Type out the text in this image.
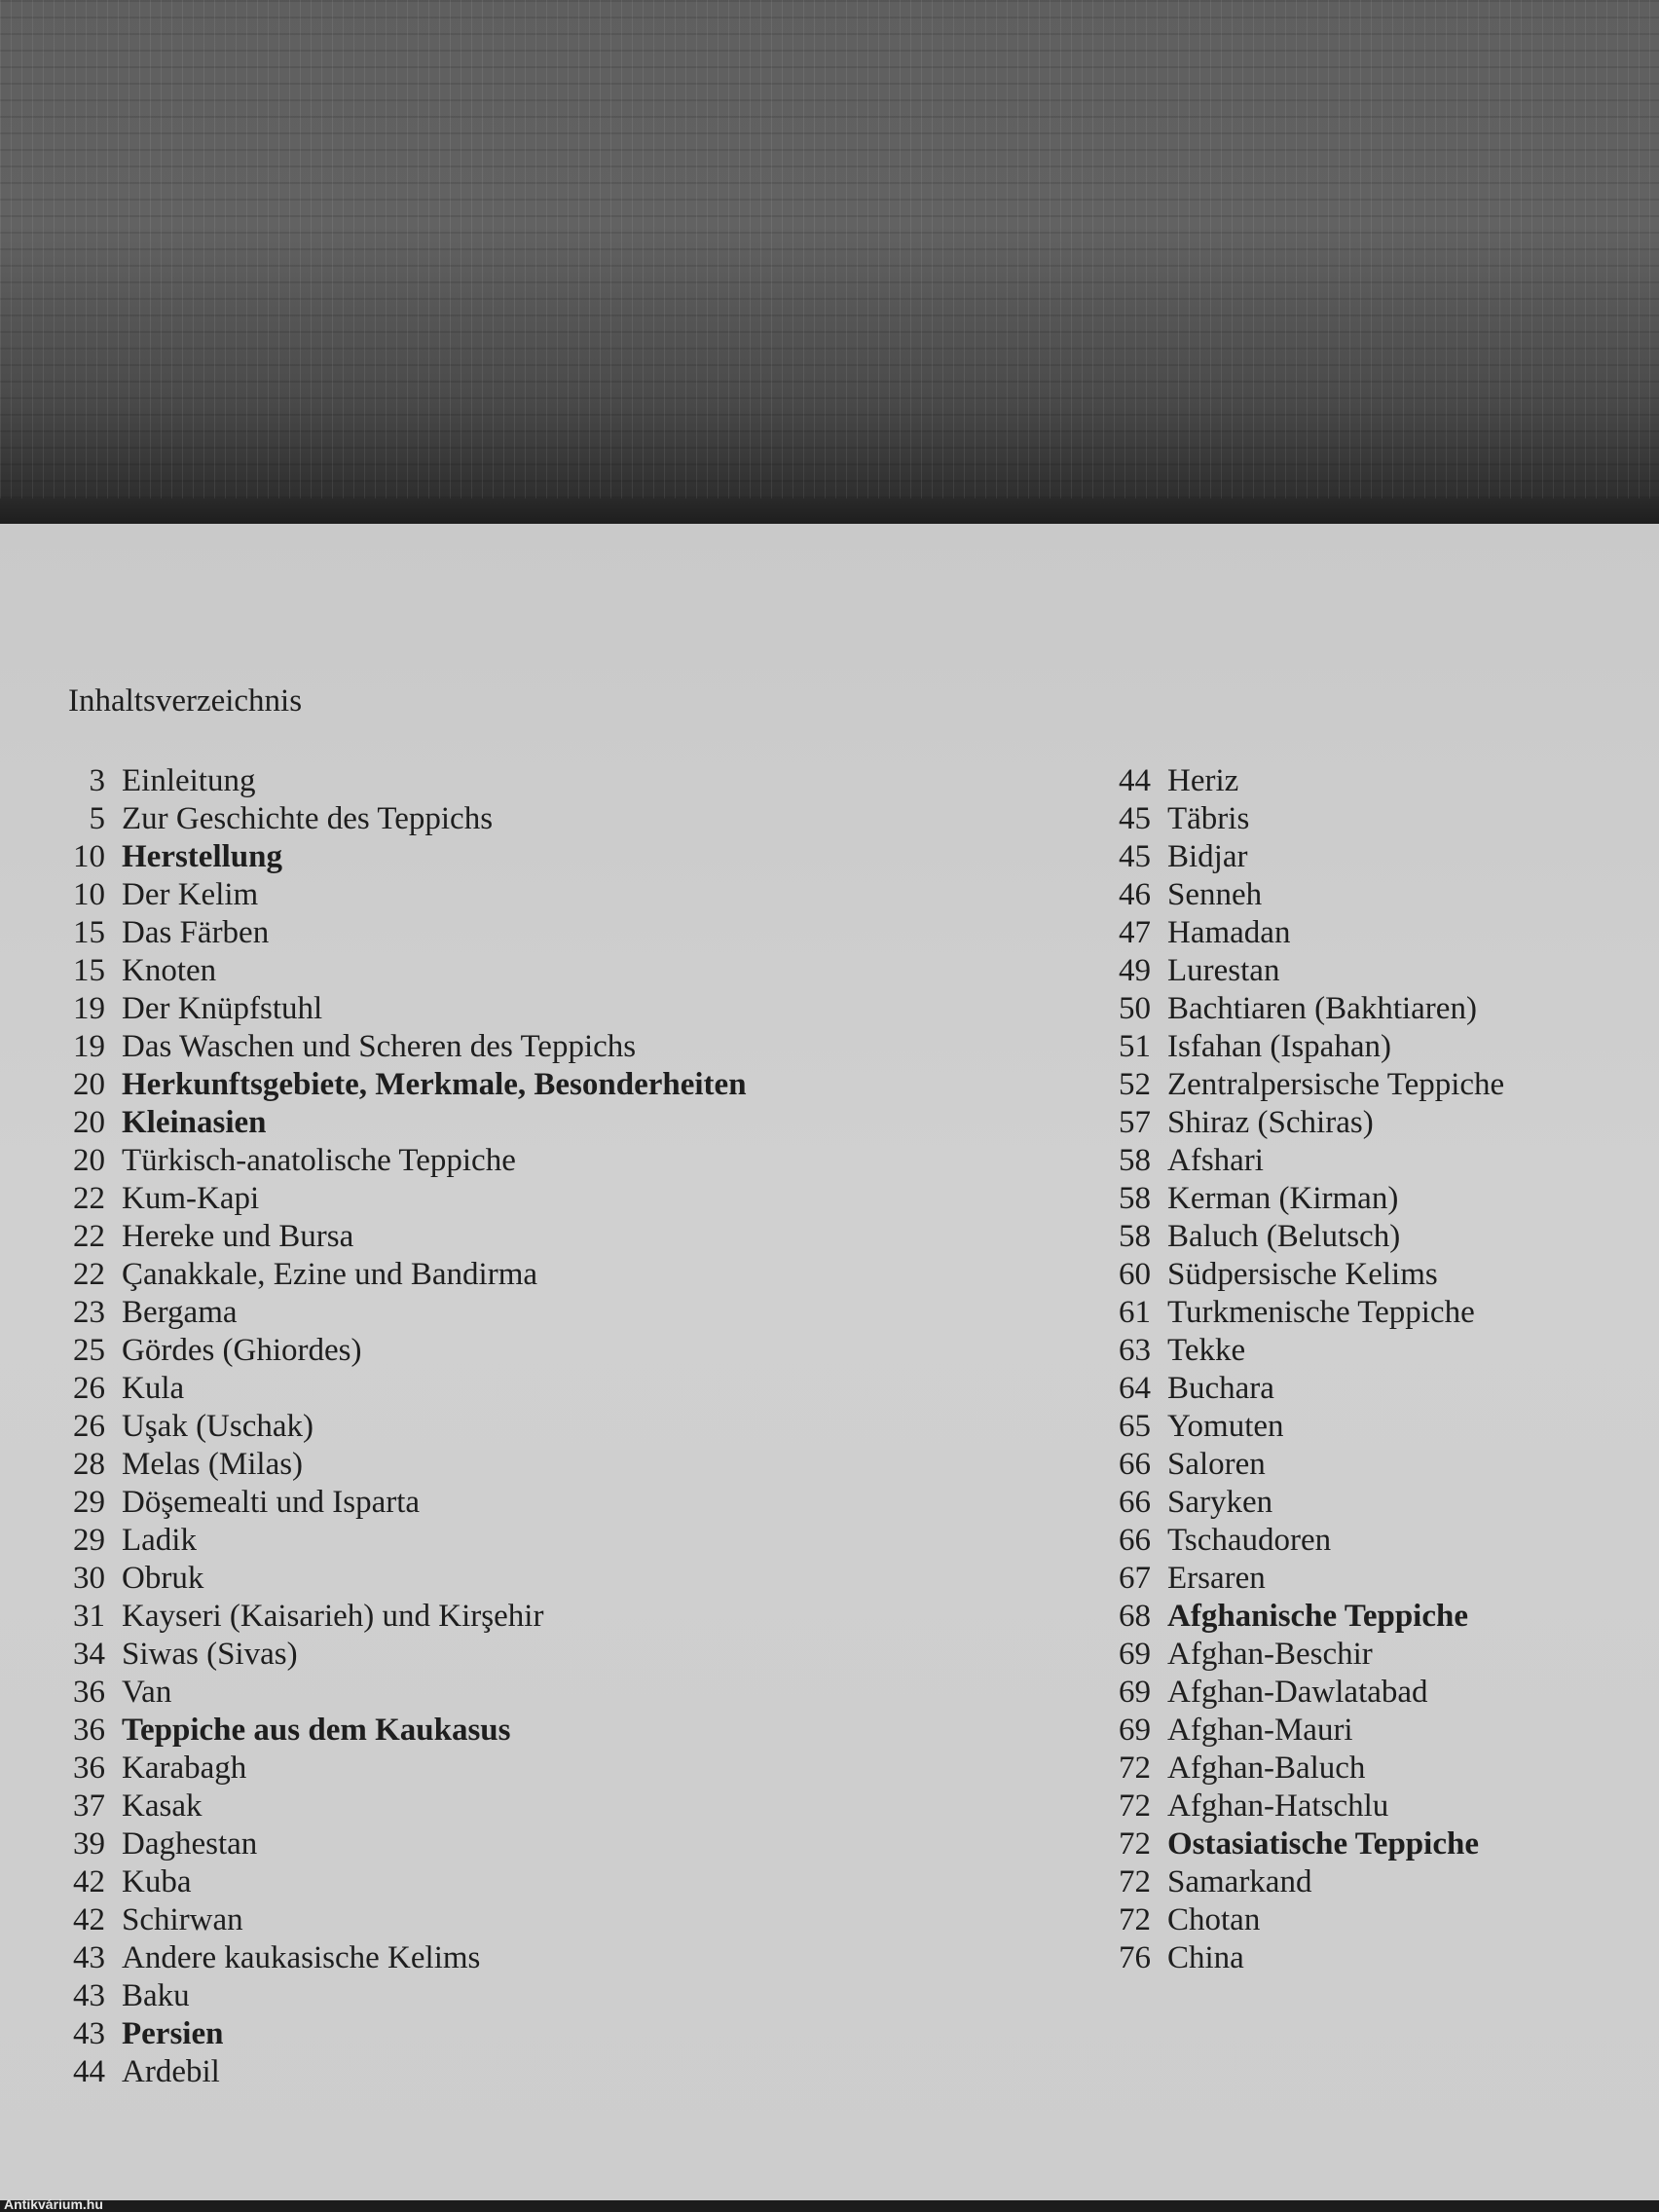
Antikvárium.hu
Inhaltsverzeichnis
3 Einleitung
5 Zur Geschichte des Teppichs
10 Herstellung
10 Der Kelim
15 Das Färben
15 Knoten
19 Der Knüpfstuhl
19 Das Waschen und Scheren des Teppichs
20 Herkunftsgebiete, Merkmale, Besonderheiten
20 Kleinasien
20 Türkisch-anatolische Teppiche
22 Kum-Kapi
22 Hereke und Bursa
22 Çanakkale, Ezine und Bandirma
23 Bergama
25 Gördes (Ghiordes)
26 Kula
26 Uşak (Uschak)
28 Melas (Milas)
29 Döşemealti und Isparta
29 Ladik
30 Obruk
31 Kayseri (Kaisarieh) und Kirşehir
34 Siwas (Sivas)
36 Van
36 Teppiche aus dem Kaukasus
36 Karabagh
37 Kasak
39 Daghestan
42 Kuba
42 Schirwan
43 Andere kaukasische Kelims
43 Baku
43 Persien
44 Ardebil
44 Heriz
45 Täbris
45 Bidjar
46 Senneh
47 Hamadan
49 Lurestan
50 Bachtiaren (Bakhtiaren)
51 Isfahan (Ispahan)
52 Zentralpersische Teppiche
57 Shiraz (Schiras)
58 Afshari
58 Kerman (Kirman)
58 Baluch (Belutsch)
60 Südpersische Kelims
61 Turkmenische Teppiche
63 Tekke
64 Buchara
65 Yomuten
66 Saloren
66 Saryken
66 Tschaudoren
67 Ersaren
68 Afghanische Teppiche
69 Afghan-Beschir
69 Afghan-Dawlatabad
69 Afghan-Mauri
72 Afghan-Baluch
72 Afghan-Hatschlu
72 Ostasiatische Teppiche
72 Samarkand
72 Chotan
76 China
